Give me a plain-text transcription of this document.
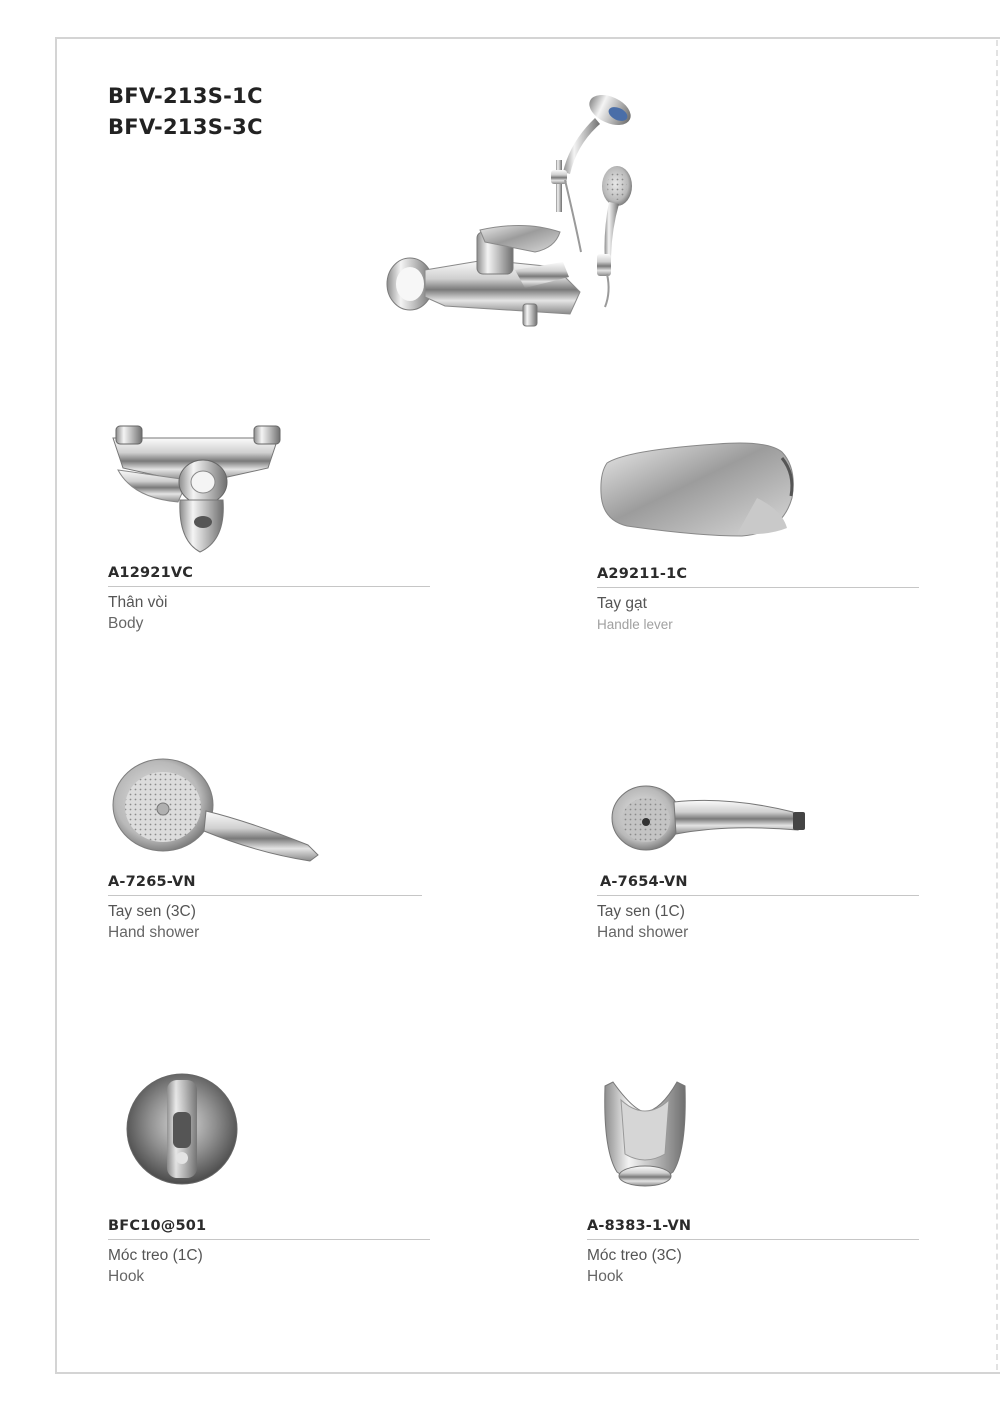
BFV-213S-1C
BFV-213S-3C
A12921VC
Thân vòi
Body
A29211-1C
Tay gạt
Handle lever
A-7265-VN
Tay sen (3C)
Hand shower
A-7654-VN
Tay sen (1C)
Hand shower
BFC10@501
Móc treo (1C)
Hook
A-8383-1-VN
Móc treo (3C)
Hook
